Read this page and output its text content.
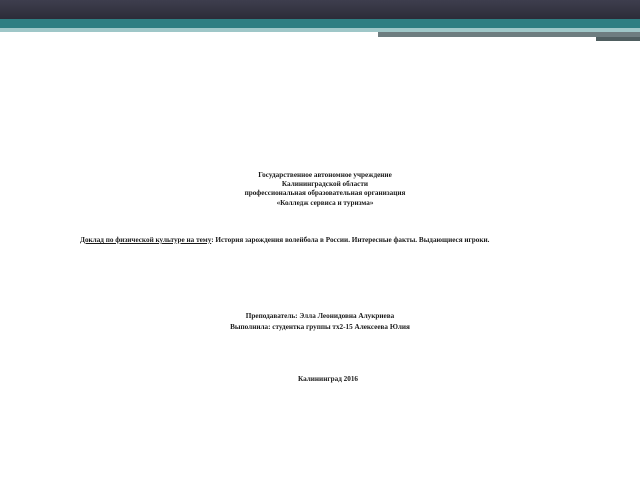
Государственное автономное учреждение
Калининградской области
профессиональная образовательная организация
«Колледж сервиса и туризма»
Доклад по физической культуре на тему: История зарождения волейбола в России. Интересные факты. Выдающиеся игроки.
Преподаватель: Элла Леонидовна Алукриева
Выполнила: студентка группы тх2-15 Алексеева Юлия
Калининград 2016
